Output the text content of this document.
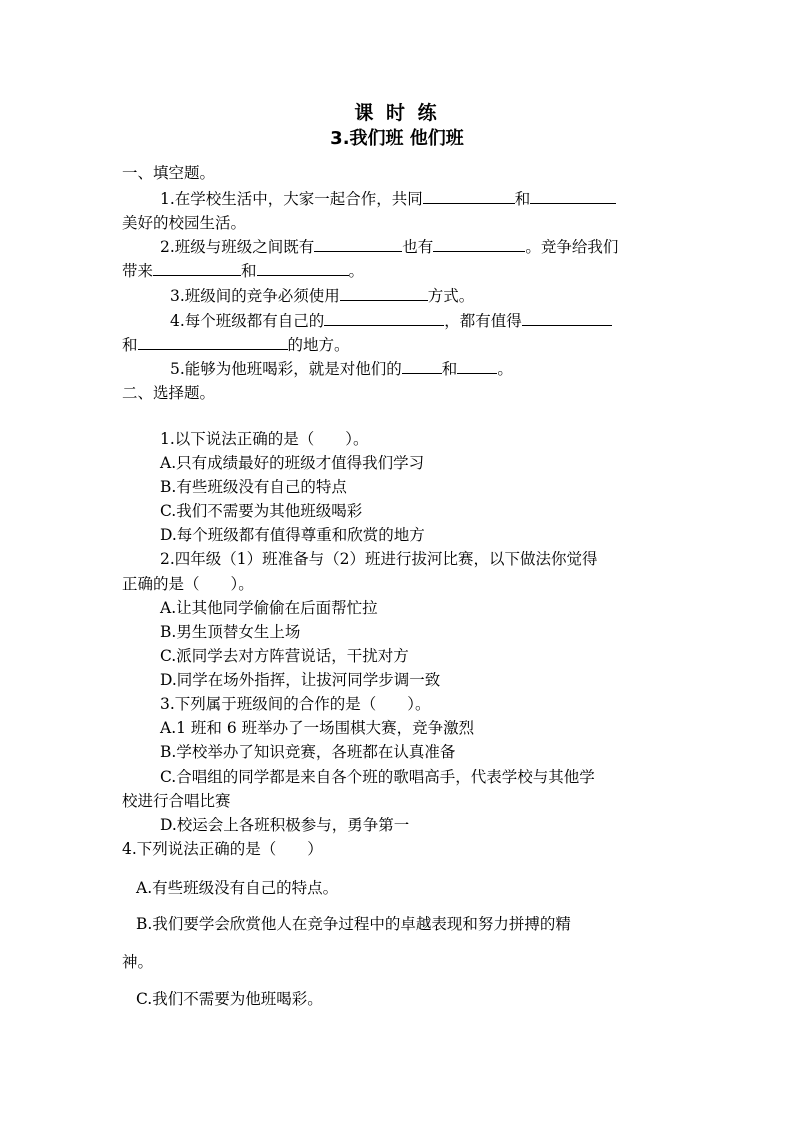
课 时 练
3.我们班 他们班
一、填空题。
1.在学校生活中，大家一起合作，共同	和
美好的校园生活。
2.班级与班级之间既有	也有	。竞争给我们
带来	和	。
3.班级间的竞争必须使用	方式。
4.每个班级都有自己的	，都有值得
和	的地方。
5.能够为他班喝彩，就是对他们的	和	。
二、选择题。
1.以下说法正确的是（　　）。
A.只有成绩最好的班级才值得我们学习
B.有些班级没有自己的特点
C.我们不需要为其他班级喝彩
D.每个班级都有值得尊重和欣赏的地方
2.四年级（1）班准备与（2）班进行拔河比赛，以下做法你觉得
正确的是（　　）。
A.让其他同学偷偷在后面帮忙拉
B.男生顶替女生上场
C.派同学去对方阵营说话，干扰对方
D.同学在场外指挥，让拔河同学步调一致
3.下列属于班级间的合作的是（　　）。
A.1 班和 6 班举办了一场围棋大赛，竞争激烈
B.学校举办了知识竞赛，各班都在认真准备
C.合唱组的同学都是来自各个班的歌唱高手，代表学校与其他学
校进行合唱比赛
D.校运会上各班积极参与，勇争第一
4.下列说法正确的是（　　）
A.有些班级没有自己的特点。
B.我们要学会欣赏他人在竞争过程中的卓越表现和努力拼搏的精
神。
C.我们不需要为他班喝彩。
